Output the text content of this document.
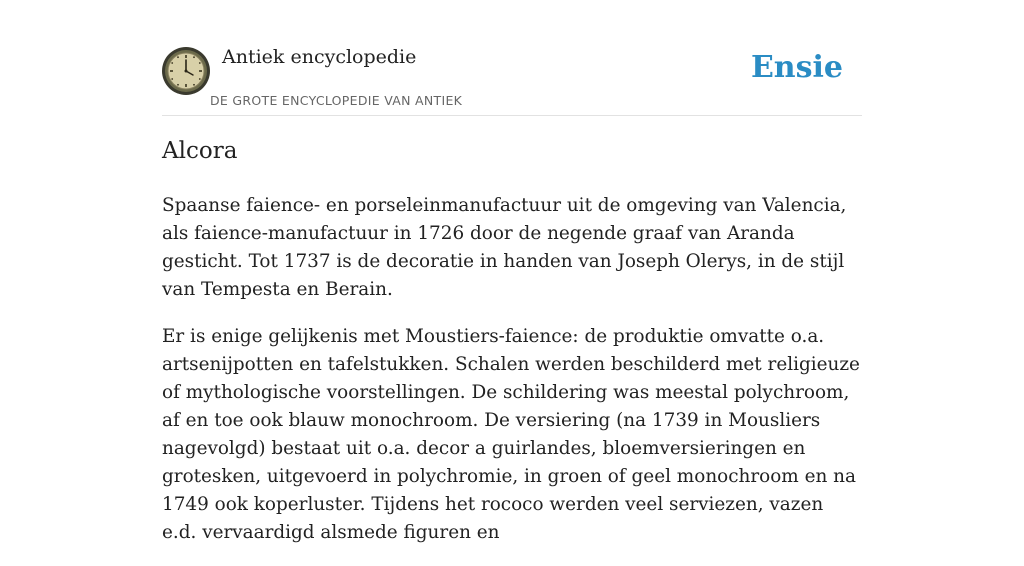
Antiek encyclopedie
DE GROTE ENCYCLOPEDIE VAN ANTIEK
Ensie
Alcora

Spaanse faience- en porseleinmanufactuur uit de omgeving van Valencia, als faience-manufactuur in 1726 door de negende graaf van Aranda gesticht. Tot 1737 is de decoratie in handen van Joseph Olerys, in de stijl van Tempesta en Berain.

Er is enige gelijkenis met Moustiers-faience: de produktie omvatte o.a. artsenijpotten en tafelstukken. Schalen werden beschilderd met religieuze of mythologische voorstellingen. De schildering was meestal polychroom, af en toe ook blauw monochroom. De versiering (na 1739 in Mousliers nagevolgd) bestaat uit o.a. decor a guirlandes, bloemversieringen en grotesken, uitgevoerd in polychromie, in groen of geel monochroom en na 1749 ook koperluster. Tijdens het rococo werden veel serviezen, vazen e.d. vervaardigd alsmede figuren en
